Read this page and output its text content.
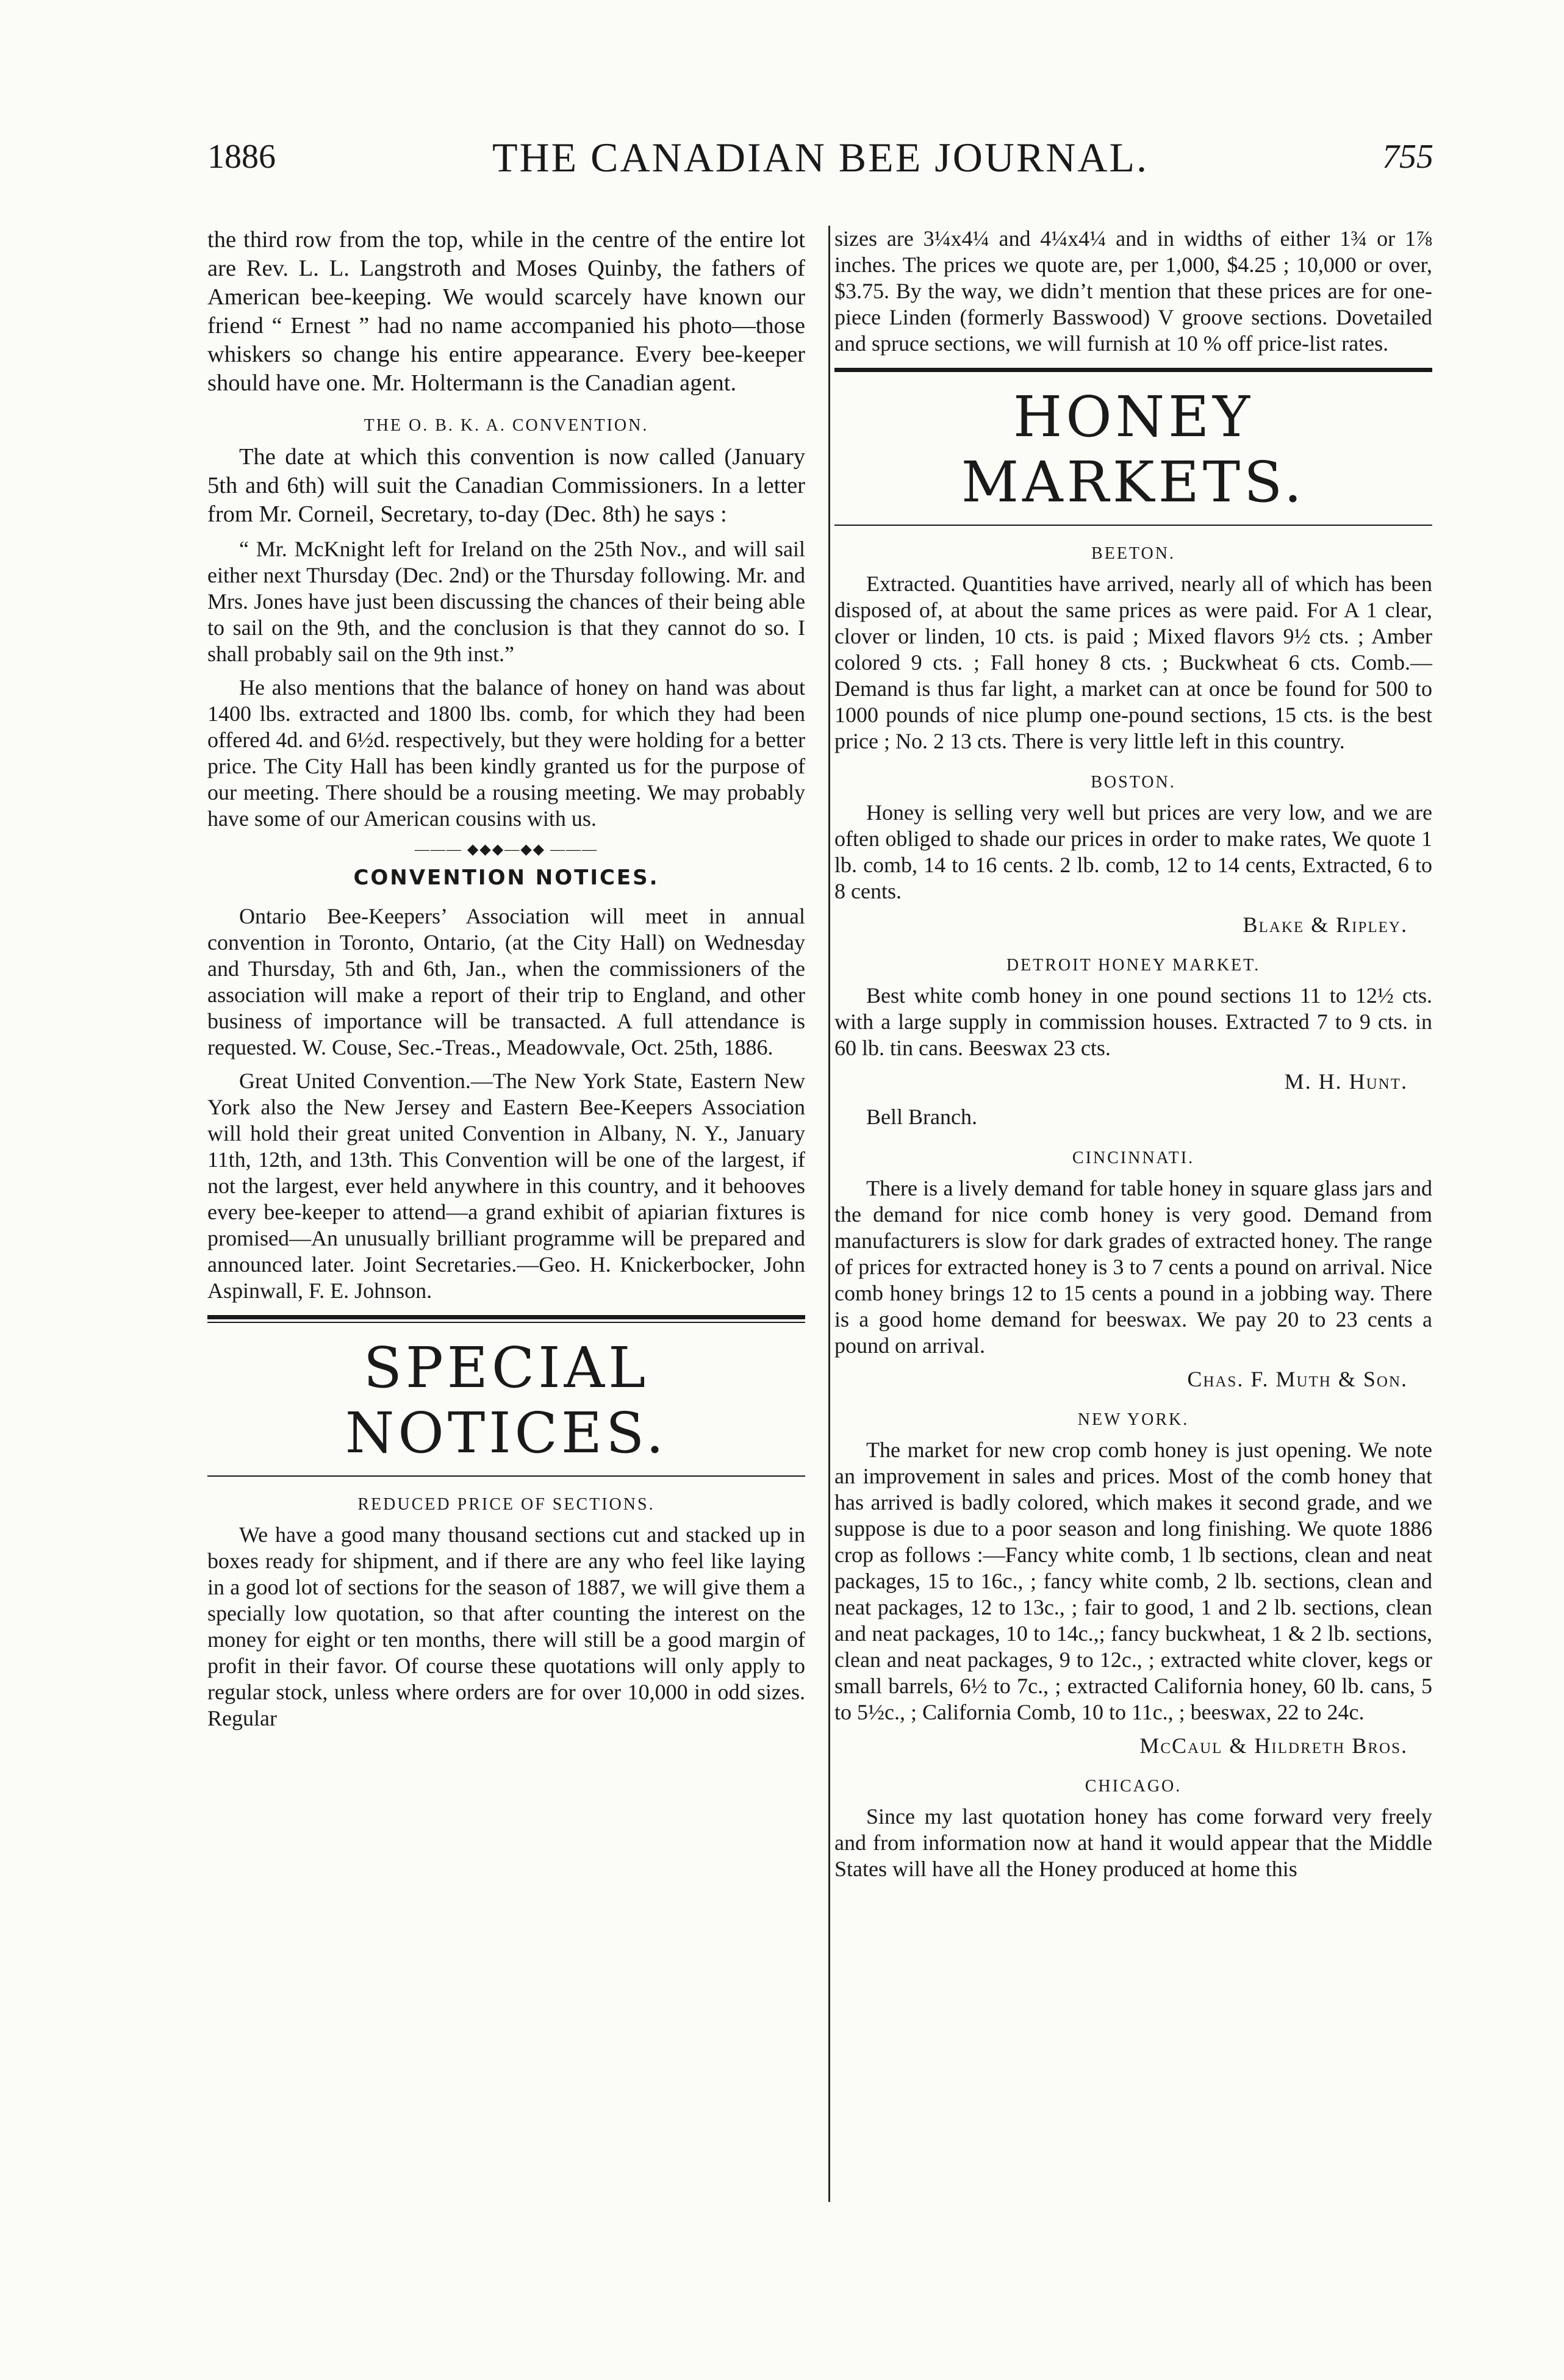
1886	THE CANADIAN BEE JOURNAL.	755

the third row from the top, while in the centre of the entire lot are Rev. L. L. Langstroth and Moses Quinby, the fathers of American bee-keeping. We would scarcely have known our friend “ Ernest ” had no name accompanied his photo—those whiskers so change his entire appearance. Every bee-keeper should have one. Mr. Holtermann is the Canadian agent.

THE O. B. K. A. CONVENTION.

The date at which this convention is now called (January 5th and 6th) will suit the Canadian Commissioners. In a letter from Mr. Corneil, Secretary, to-day (Dec. 8th) he says :

“ Mr. McKnight left for Ireland on the 25th Nov., and will sail either next Thursday (Dec. 2nd) or the Thursday following. Mr. and Mrs. Jones have just been discussing the chances of their being able to sail on the 9th, and the conclusion is that they cannot do so. I shall probably sail on the 9th inst.”

He also mentions that the balance of honey on hand was about 1400 lbs. extracted and 1800 lbs. comb, for which they had been offered 4d. and 6½d. respectively, but they were holding for a better price. The City Hall has been kindly granted us for the purpose of our meeting. There should be a rousing meeting. We may probably have some of our American cousins with us.

——— ◆◆◆—◆◆ ———
CONVENTION NOTICES.

Ontario Bee-Keepers’ Association will meet in annual convention in Toronto, Ontario, (at the City Hall) on Wednesday and Thursday, 5th and 6th, Jan., when the commissioners of the association will make a report of their trip to England, and other business of importance will be transacted. A full attendance is requested. W. Couse, Sec.-Treas., Meadowvale, Oct. 25th, 1886.

Great United Convention.—The New York State, Eastern New York also the New Jersey and Eastern Bee-Keepers Association will hold their great united Convention in Albany, N. Y., January 11th, 12th, and 13th. This Convention will be one of the largest, if not the largest, ever held anywhere in this country, and it behooves every bee-keeper to attend—a grand exhibit of apiarian fixtures is promised—An unusually brilliant programme will be prepared and announced later. Joint Secretaries.—Geo. H. Knickerbocker, John Aspinwall, F. E. Johnson.

SPECIAL NOTICES.
REDUCED PRICE OF SECTIONS.

We have a good many thousand sections cut and stacked up in boxes ready for shipment, and if there are any who feel like laying in a good lot of sections for the season of 1887, we will give them a specially low quotation, so that after counting the interest on the money for eight or ten months, there will still be a good margin of profit in their favor. Of course these quotations will only apply to regular stock, unless where orders are for over 10,000 in odd sizes. Regular

sizes are 3¼x4¼ and 4¼x4¼ and in widths of either 1¾ or 1⅞ inches. The prices we quote are, per 1,000, $4.25 ; 10,000 or over, $3.75. By the way, we didn’t mention that these prices are for one-piece Linden (formerly Basswood) V groove sections. Dovetailed and spruce sections, we will furnish at 10 % off price-list rates.

HONEY MARKETS.
BEETON.

Extracted. Quantities have arrived, nearly all of which has been disposed of, at about the same prices as were paid. For A 1 clear, clover or linden, 10 cts. is paid ; Mixed flavors 9½ cts. ; Amber colored 9 cts. ; Fall honey 8 cts. ; Buckwheat 6 cts. Comb.—Demand is thus far light, a market can at once be found for 500 to 1000 pounds of nice plump one-pound sections, 15 cts. is the best price ; No. 2 13 cts. There is very little left in this country.

BOSTON.

Honey is selling very well but prices are very low, and we are often obliged to shade our prices in order to make rates, We quote 1 lb. comb, 14 to 16 cents. 2 lb. comb, 12 to 14 cents, Extracted, 6 to 8 cents.

Blake & Ripley.
DETROIT HONEY MARKET.

Best white comb honey in one pound sections 11 to 12½ cts. with a large supply in commission houses. Extracted 7 to 9 cts. in 60 lb. tin cans. Beeswax 23 cts.

M. H. Hunt.

Bell Branch.

CINCINNATI.

There is a lively demand for table honey in square glass jars and the demand for nice comb honey is very good. Demand from manufacturers is slow for dark grades of extracted honey. The range of prices for extracted honey is 3 to 7 cents a pound on arrival. Nice comb honey brings 12 to 15 cents a pound in a jobbing way. There is a good home demand for beeswax. We pay 20 to 23 cents a pound on arrival.

Chas. F. Muth & Son.
NEW YORK.

The market for new crop comb honey is just opening. We note an improvement in sales and prices. Most of the comb honey that has arrived is badly colored, which makes it second grade, and we suppose is due to a poor season and long finishing. We quote 1886 crop as follows :—Fancy white comb, 1 lb sections, clean and neat packages, 15 to 16c., ; fancy white comb, 2 lb. sections, clean and neat packages, 12 to 13c., ; fair to good, 1 and 2 lb. sections, clean and neat packages, 10 to 14c.,; fancy buckwheat, 1 & 2 lb. sections, clean and neat packages, 9 to 12c., ; extracted white clover, kegs or small barrels, 6½ to 7c., ; extracted California honey, 60 lb. cans, 5 to 5½c., ; California Comb, 10 to 11c., ; beeswax, 22 to 24c.

McCaul & Hildreth Bros.
CHICAGO.

Since my last quotation honey has come forward very freely and from information now at hand it would appear that the Middle States will have all the Honey produced at home this
